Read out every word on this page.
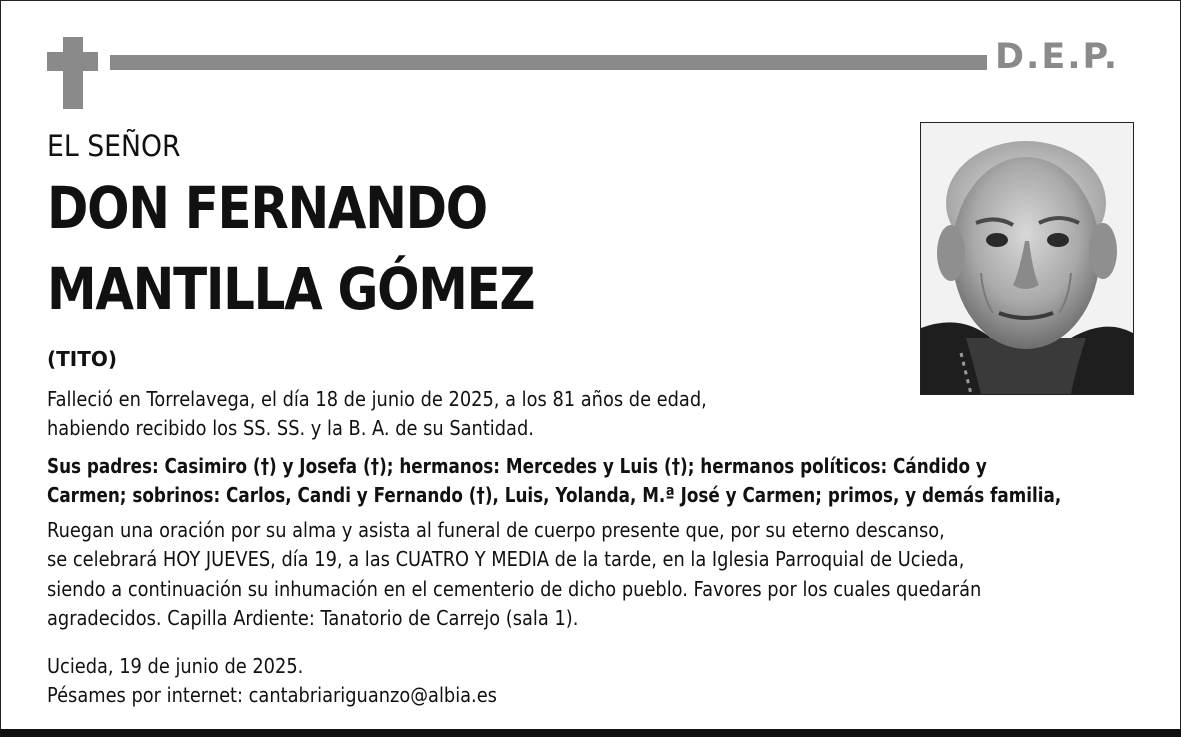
D.E.P.
EL SEÑOR
DON FERNANDO
MANTILLA GÓMEZ
(TITO)
Falleció en Torrelavega, el día 18 de junio de 2025, a los 81 años de edad,
habiendo recibido los SS. SS. y la B. A. de su Santidad.
Sus padres: Casimiro (†) y Josefa (†); hermanos: Mercedes y Luis (†); hermanos políticos: Cándido y
Carmen; sobrinos: Carlos, Candi y Fernando (†), Luis, Yolanda, M.ª José y Carmen; primos, y demás familia,
Ruegan una oración por su alma y asista al funeral de cuerpo presente que, por su eterno descanso,
se celebrará HOY JUEVES, día 19, a las CUATRO Y MEDIA de la tarde, en la Iglesia Parroquial de Ucieda,
siendo a continuación su inhumación en el cementerio de dicho pueblo. Favores por los cuales quedarán
agradecidos. Capilla Ardiente: Tanatorio de Carrejo (sala 1).
Ucieda, 19 de junio de 2025.
Pésames por internet: cantabriariguanzo@albia.es
